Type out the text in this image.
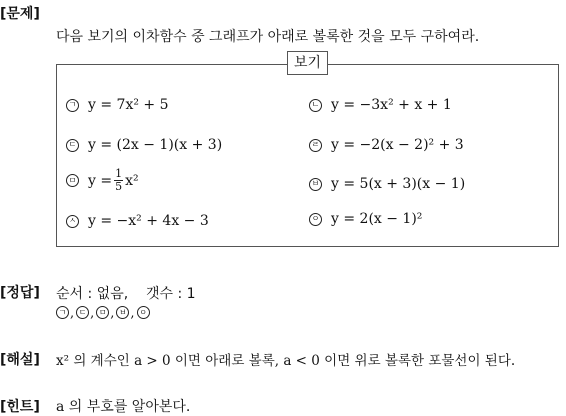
[문제]
다음 보기의 이차함수 중 그래프가 아래로 볼록한 것을 모두 구하여라.
보기
ㄱ y = 7x² + 5	ㄴ y = −3x² + x + 1
ㄷ y = (2x − 1)(x + 3)	ㄹ y = −2(x − 2)² + 3
ㅁ $y = \frac{1}{5} x^2$	ㅂ y = 5(x + 3)(x − 1)
ㅅ y = −x² + 4x − 3	ㅇ y = 2(x − 1)²
[정답] 순서 : 없음,    갯수 : 1
ㄱ , ㄷ , ㅁ , ㅂ , ㅇ
[해설] x² 의 계수인 a > 0 이면 아래로 볼록, a < 0 이면 위로 볼록한 포물선이 된다.
[힌트] a 의 부호를 알아본다.
